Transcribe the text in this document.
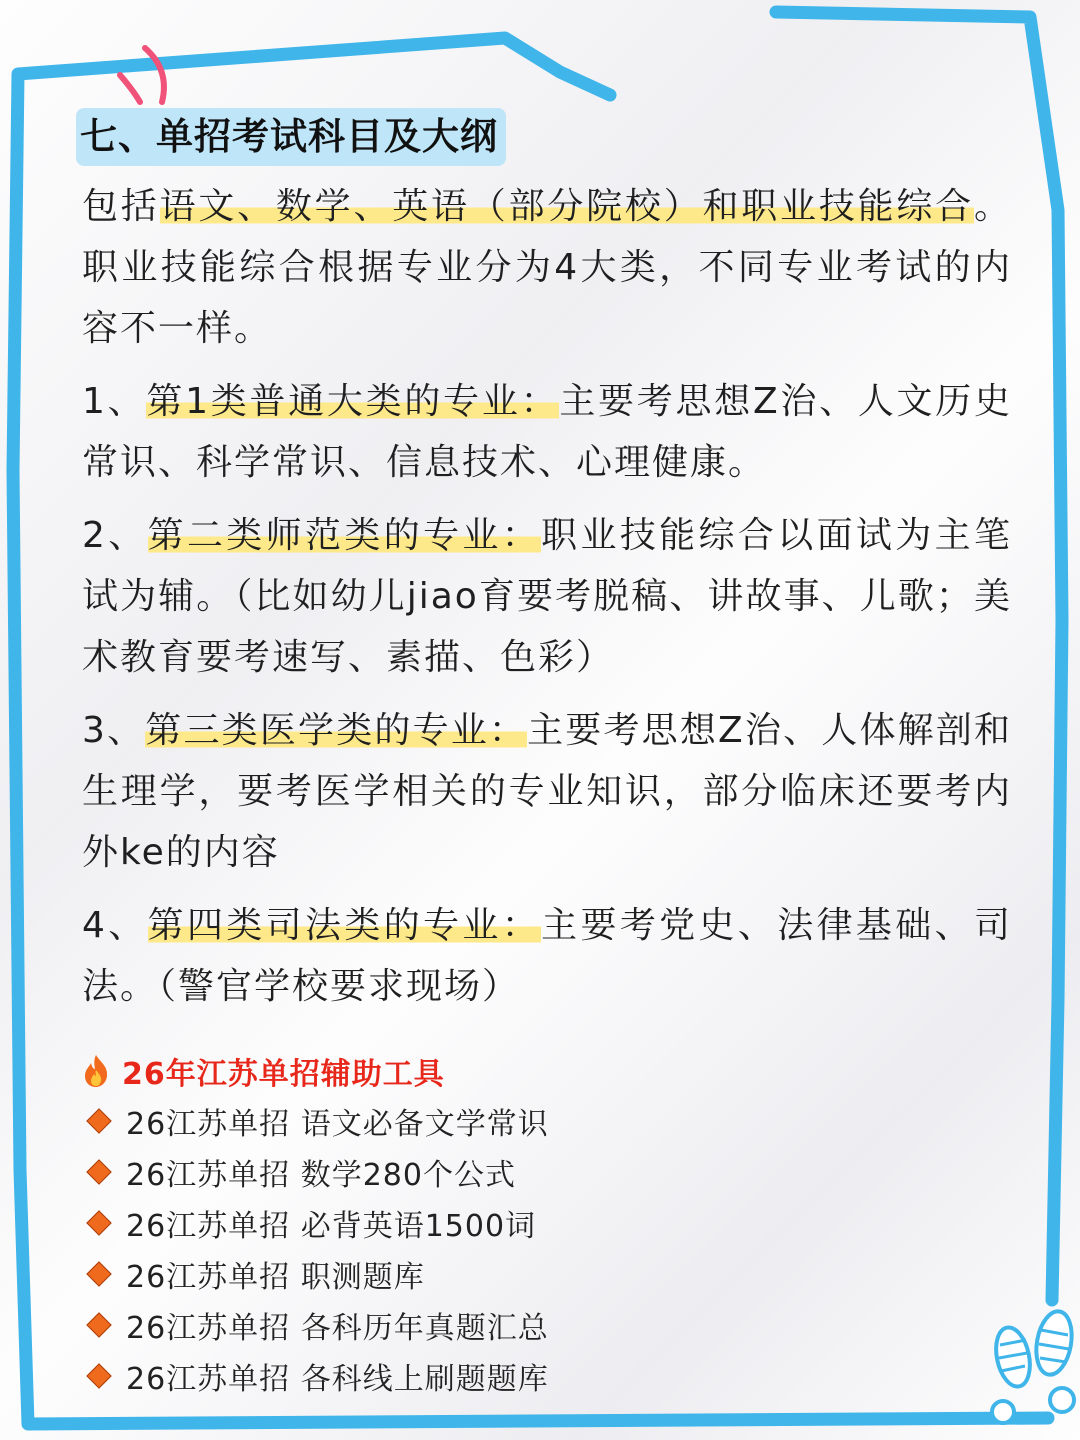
七、单招考试科目及大纲

包括语文、数学、英语（部分院校）和职业技能综合。职业技能综合根据专业分为4大类，不同专业考试的内容不一样。

1、第1类普通大类的专业：主要考思想Z治、人文历史常识、科学常识、信息技术、心理健康。

2、第二类师范类的专业：职业技能综合以面试为主笔试为辅。（比如幼儿jiao育要考脱稿、讲故事、儿歌；美术教育要考速写、素描、色彩）

3、第三类医学类的专业：主要考思想Z治、人体解剖和生理学，要考医学相关的专业知识，部分临床还要考内外ke的内容

4、第四类司法类的专业：主要考党史、法律基础、司法。（警官学校要求现场）

26年江苏单招辅助工具
26江苏单招 语文必备文学常识
26江苏单招 数学280个公式
26江苏单招 必背英语1500词
26江苏单招 职测题库
26江苏单招 各科历年真题汇总
26江苏单招 各科线上刷题题库
